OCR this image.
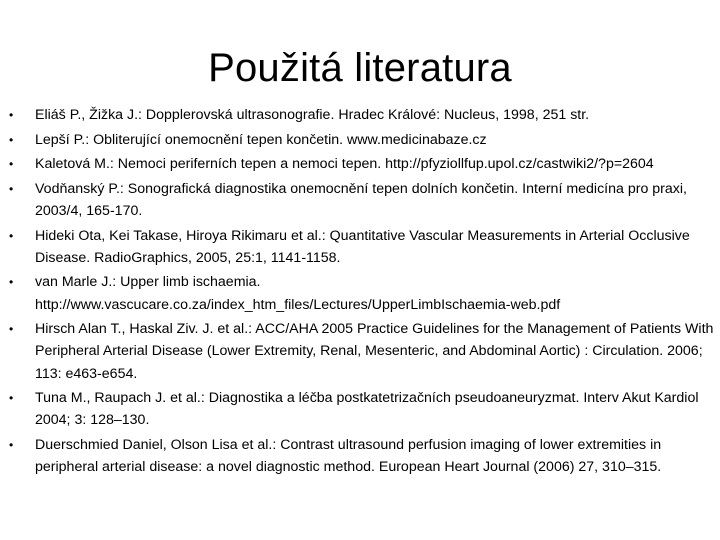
Použitá literatura
• Eliáš P., Žižka J.: Dopplerovská ultrasonografie. Hradec Králové: Nucleus, 1998, 251 str.
• Lepší P.: Obliterující onemocnění tepen končetin. www.medicinabaze.cz
• Kaletová M.: Nemoci periferních tepen a nemoci tepen. http://pfyziollfup.upol.cz/castwiki2/?p=2604
• Vodňanský P.: Sonografická diagnostika onemocnění tepen dolních končetin. Interní medicína pro praxi, 2003/4, 165-170.
• Hideki Ota, Kei Takase, Hiroya Rikimaru et al.: Quantitative Vascular Measurements in Arterial Occlusive Disease. RadioGraphics, 2005, 25:1, 1141-1158.
• van Marle J.: Upper limb ischaemia. http://www.vascucare.co.za/index_htm_files/Lectures/UpperLimbIschaemia-web.pdf
• Hirsch Alan T., Haskal Ziv. J. et al.: ACC/AHA 2005 Practice Guidelines for the Management of Patients With Peripheral Arterial Disease (Lower Extremity, Renal, Mesenteric, and Abdominal Aortic) : Circulation. 2006; 113: e463-e654.
• Tuna M., Raupach J. et al.: Diagnostika a léčba postkatetrizačních pseudoaneuryzmat. Interv Akut Kardiol 2004; 3: 128–130.
• Duerschmied Daniel, Olson Lisa et al.: Contrast ultrasound perfusion imaging of lower extremities in peripheral arterial disease: a novel diagnostic method. European Heart Journal (2006) 27, 310–315.
